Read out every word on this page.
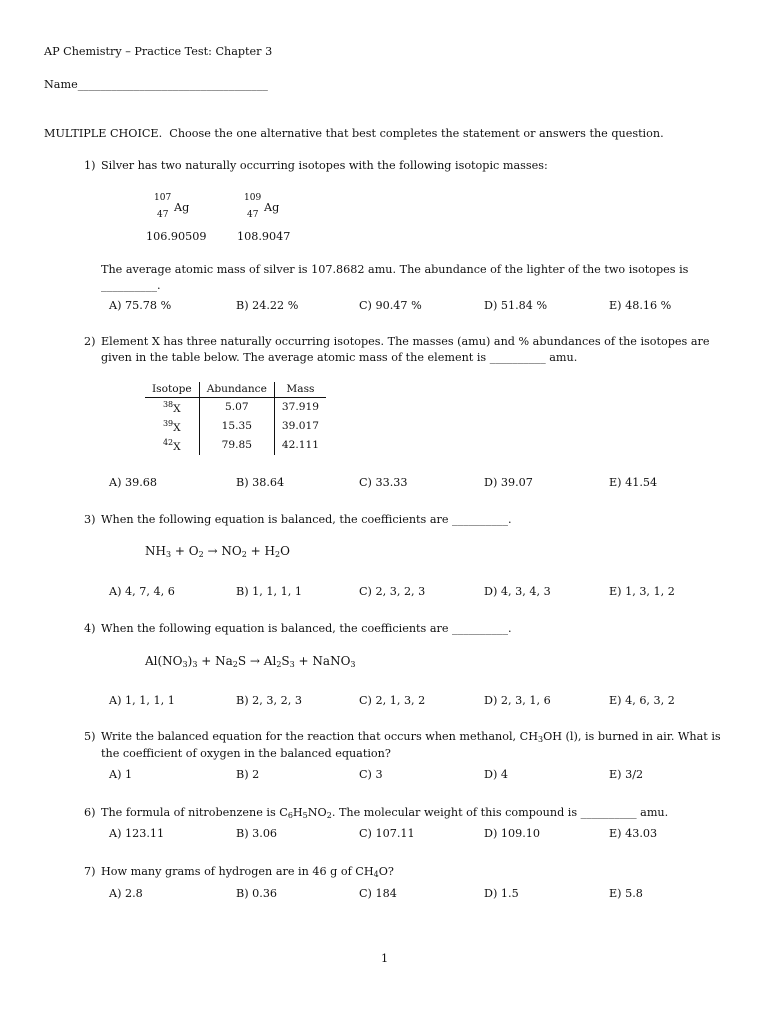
AP Chemistry – Practice Test: Chapter 3
Name__________________________________
MULTIPLE CHOICE. Choose the one alternative that best completes the statement or answers the question.
1) Silver has two naturally occurring isotopes with the following isotopic masses:
107
47
Ag
106.90509
109
47
Ag
108.9047
The average atomic mass of silver is 107.8682 amu. The abundance of the lighter of the two isotopes is
__________.
A) 75.78 %	B) 24.22 %	C) 90.47 %	D) 51.84 %	E) 48.16 %
2) Element X has three naturally occurring isotopes. The masses (amu) and % abundances of the isotopes are
given in the table below. The average atomic mass of the element is __________ amu.
Isotope	Abundance	Mass
$^{38}$X	5.07	37.919
$^{39}$X	15.35	39.017
$^{42}$X	79.85	42.111
A) 39.68	B) 38.64	C) 33.33	D) 39.07	E) 41.54
3) When the following equation is balanced, the coefficients are __________.
$NH_3 + O_2 \to NO_2 + H_2O$
A) 4, 7, 4, 6	B) 1, 1, 1, 1	C) 2, 3, 2, 3	D) 4, 3, 4, 3	E) 1, 3, 1, 2
4) When the following equation is balanced, the coefficients are __________.
$Al(NO_3)_3 + Na_2S \to Al_2S_3$ + NaNO$_3$
A) 1, 1, 1, 1	B) 2, 3, 2, 3	C) 2, 1, 3, 2	D) 2, 3, 1, 6	E) 4, 6, 3, 2
5) Write the balanced equation for the reaction that occurs when methanol, $CH_3OH$ (l), is burned in air. What is
the coefficient of oxygen in the balanced equation?
A) 1	B) 2	C) 3	D) 4	E) 3/2
6) The formula of nitrobenzene is $C_6H_5NO_2$. The molecular weight of this compound is __________ amu.
A) 123.11	B) 3.06	C) 107.11	D) 109.10	E) 43.03
7) How many grams of hydrogen are in 46 g of $CH_4O$?
A) 2.8	B) 0.36	C) 184	D) 1.5	E) 5.8
1
